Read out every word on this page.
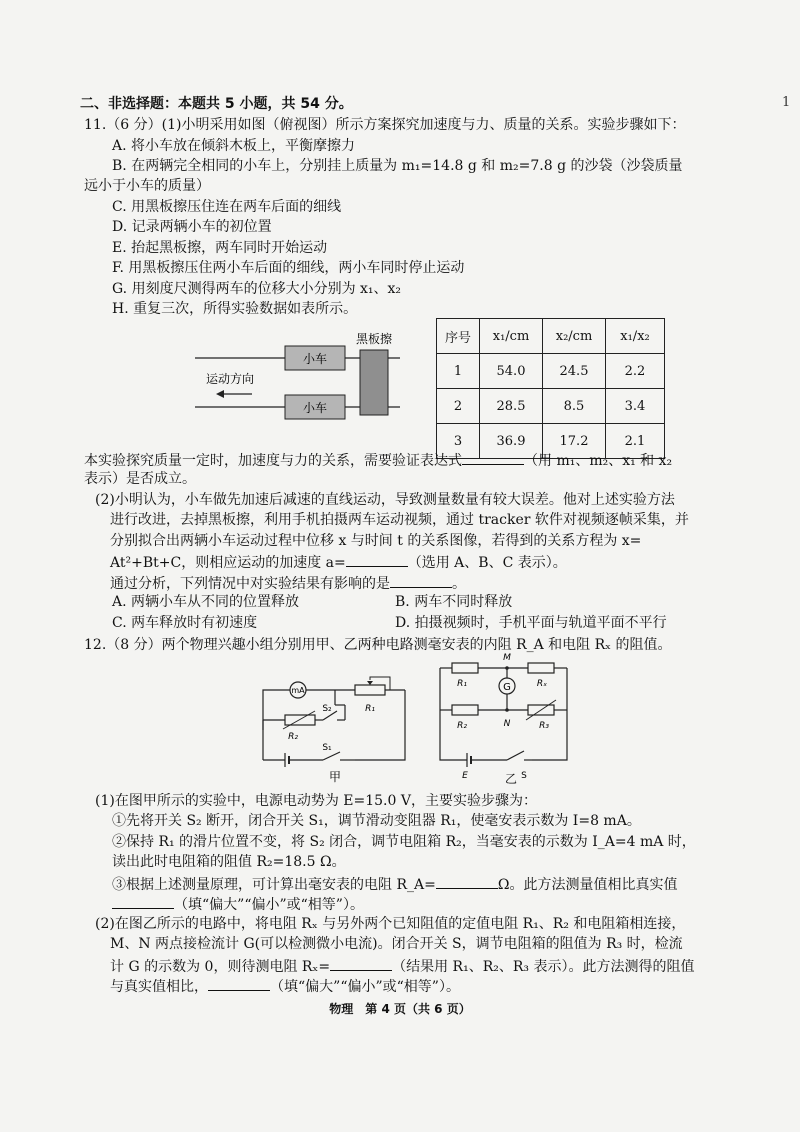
1
二、非选择题：本题共 5 小题，共 54 分。
11.（6 分）(1)小明采用如图（俯视图）所示方案探究加速度与力、质量的关系。实验步骤如下：
A. 将小车放在倾斜木板上，平衡摩擦力
B. 在两辆完全相同的小车上，分别挂上质量为 m₁=14.8 g 和 m₂=7.8 g 的沙袋（沙袋质量
远小于小车的质量）
C. 用黑板擦压住连在两车后面的细线
D. 记录两辆小车的初位置
E. 抬起黑板擦，两车同时开始运动
F. 用黑板擦压住两小车后面的细线，两小车同时停止运动
G. 用刻度尺测得两车的位移大小分别为 x₁、x₂
H. 重复三次，所得实验数据如表所示。
小车
小车
黑板擦
运动方向
序号	x₁/cm	x₂/cm	x₁/x₂
1	54.0	24.5	2.2
2	28.5	8.5	3.4
3	36.9	17.2	2.1
本实验探究质量一定时，加速度与力的关系，需要验证表达式	（用 m₁、m₂、x₁ 和 x₂
表示）是否成立。
(2)小明认为，小车做先加速后减速的直线运动，导致测量数量有较大误差。他对上述实验方法
进行改进，去掉黑板擦，利用手机拍摄两车运动视频，通过 tracker 软件对视频逐帧采集，并
分别拟合出两辆小车运动过程中位移 x 与时间 t 的关系图像，若得到的关系方程为 x=
At²+Bt+C，则相应运动的加速度 a=	（选用 A、B、C 表示）。
通过分析，下列情况中对实验结果有影响的是	。
A. 两辆小车从不同的位置释放	B. 两车不同时释放
C. 两车释放时有初速度	D. 拍摄视频时，手机平面与轨道平面不平行
12.（8 分）两个物理兴趣小组分别用甲、乙两种电路测毫安表的内阻 R_A 和电阻 Rₓ 的阻值。
mA
R₁
R₂
S₂
S₁
甲
R₁	Rₓ
M
G
R₂	N	R₃
E	S
乙
(1)在图甲所示的实验中，电源电动势为 E=15.0 V，主要实验步骤为：
①先将开关 S₂ 断开，闭合开关 S₁，调节滑动变阻器 R₁，使毫安表示数为 I=8 mA。
②保持 R₁ 的滑片位置不变，将 S₂ 闭合，调节电阻箱 R₂，当毫安表的示数为 I_A=4 mA 时，
读出此时电阻箱的阻值 R₂=18.5 Ω。
③根据上述测量原理，可计算出毫安表的电阻 R_A=	Ω。此方法测量值相比真实值
（填“偏大”“偏小”或“相等”）。
(2)在图乙所示的电路中，将电阻 Rₓ 与另外两个已知阻值的定值电阻 R₁、R₂ 和电阻箱相连接，
M、N 两点接检流计 G(可以检测微小电流)。闭合开关 S，调节电阻箱的阻值为 R₃ 时，检流
计 G 的示数为 0，则待测电阻 Rₓ=	（结果用 R₁、R₂、R₃ 表示）。此方法测得的阻值
与真实值相比，	（填“偏大”“偏小”或“相等”）。
物理　第 4 页（共 6 页）
